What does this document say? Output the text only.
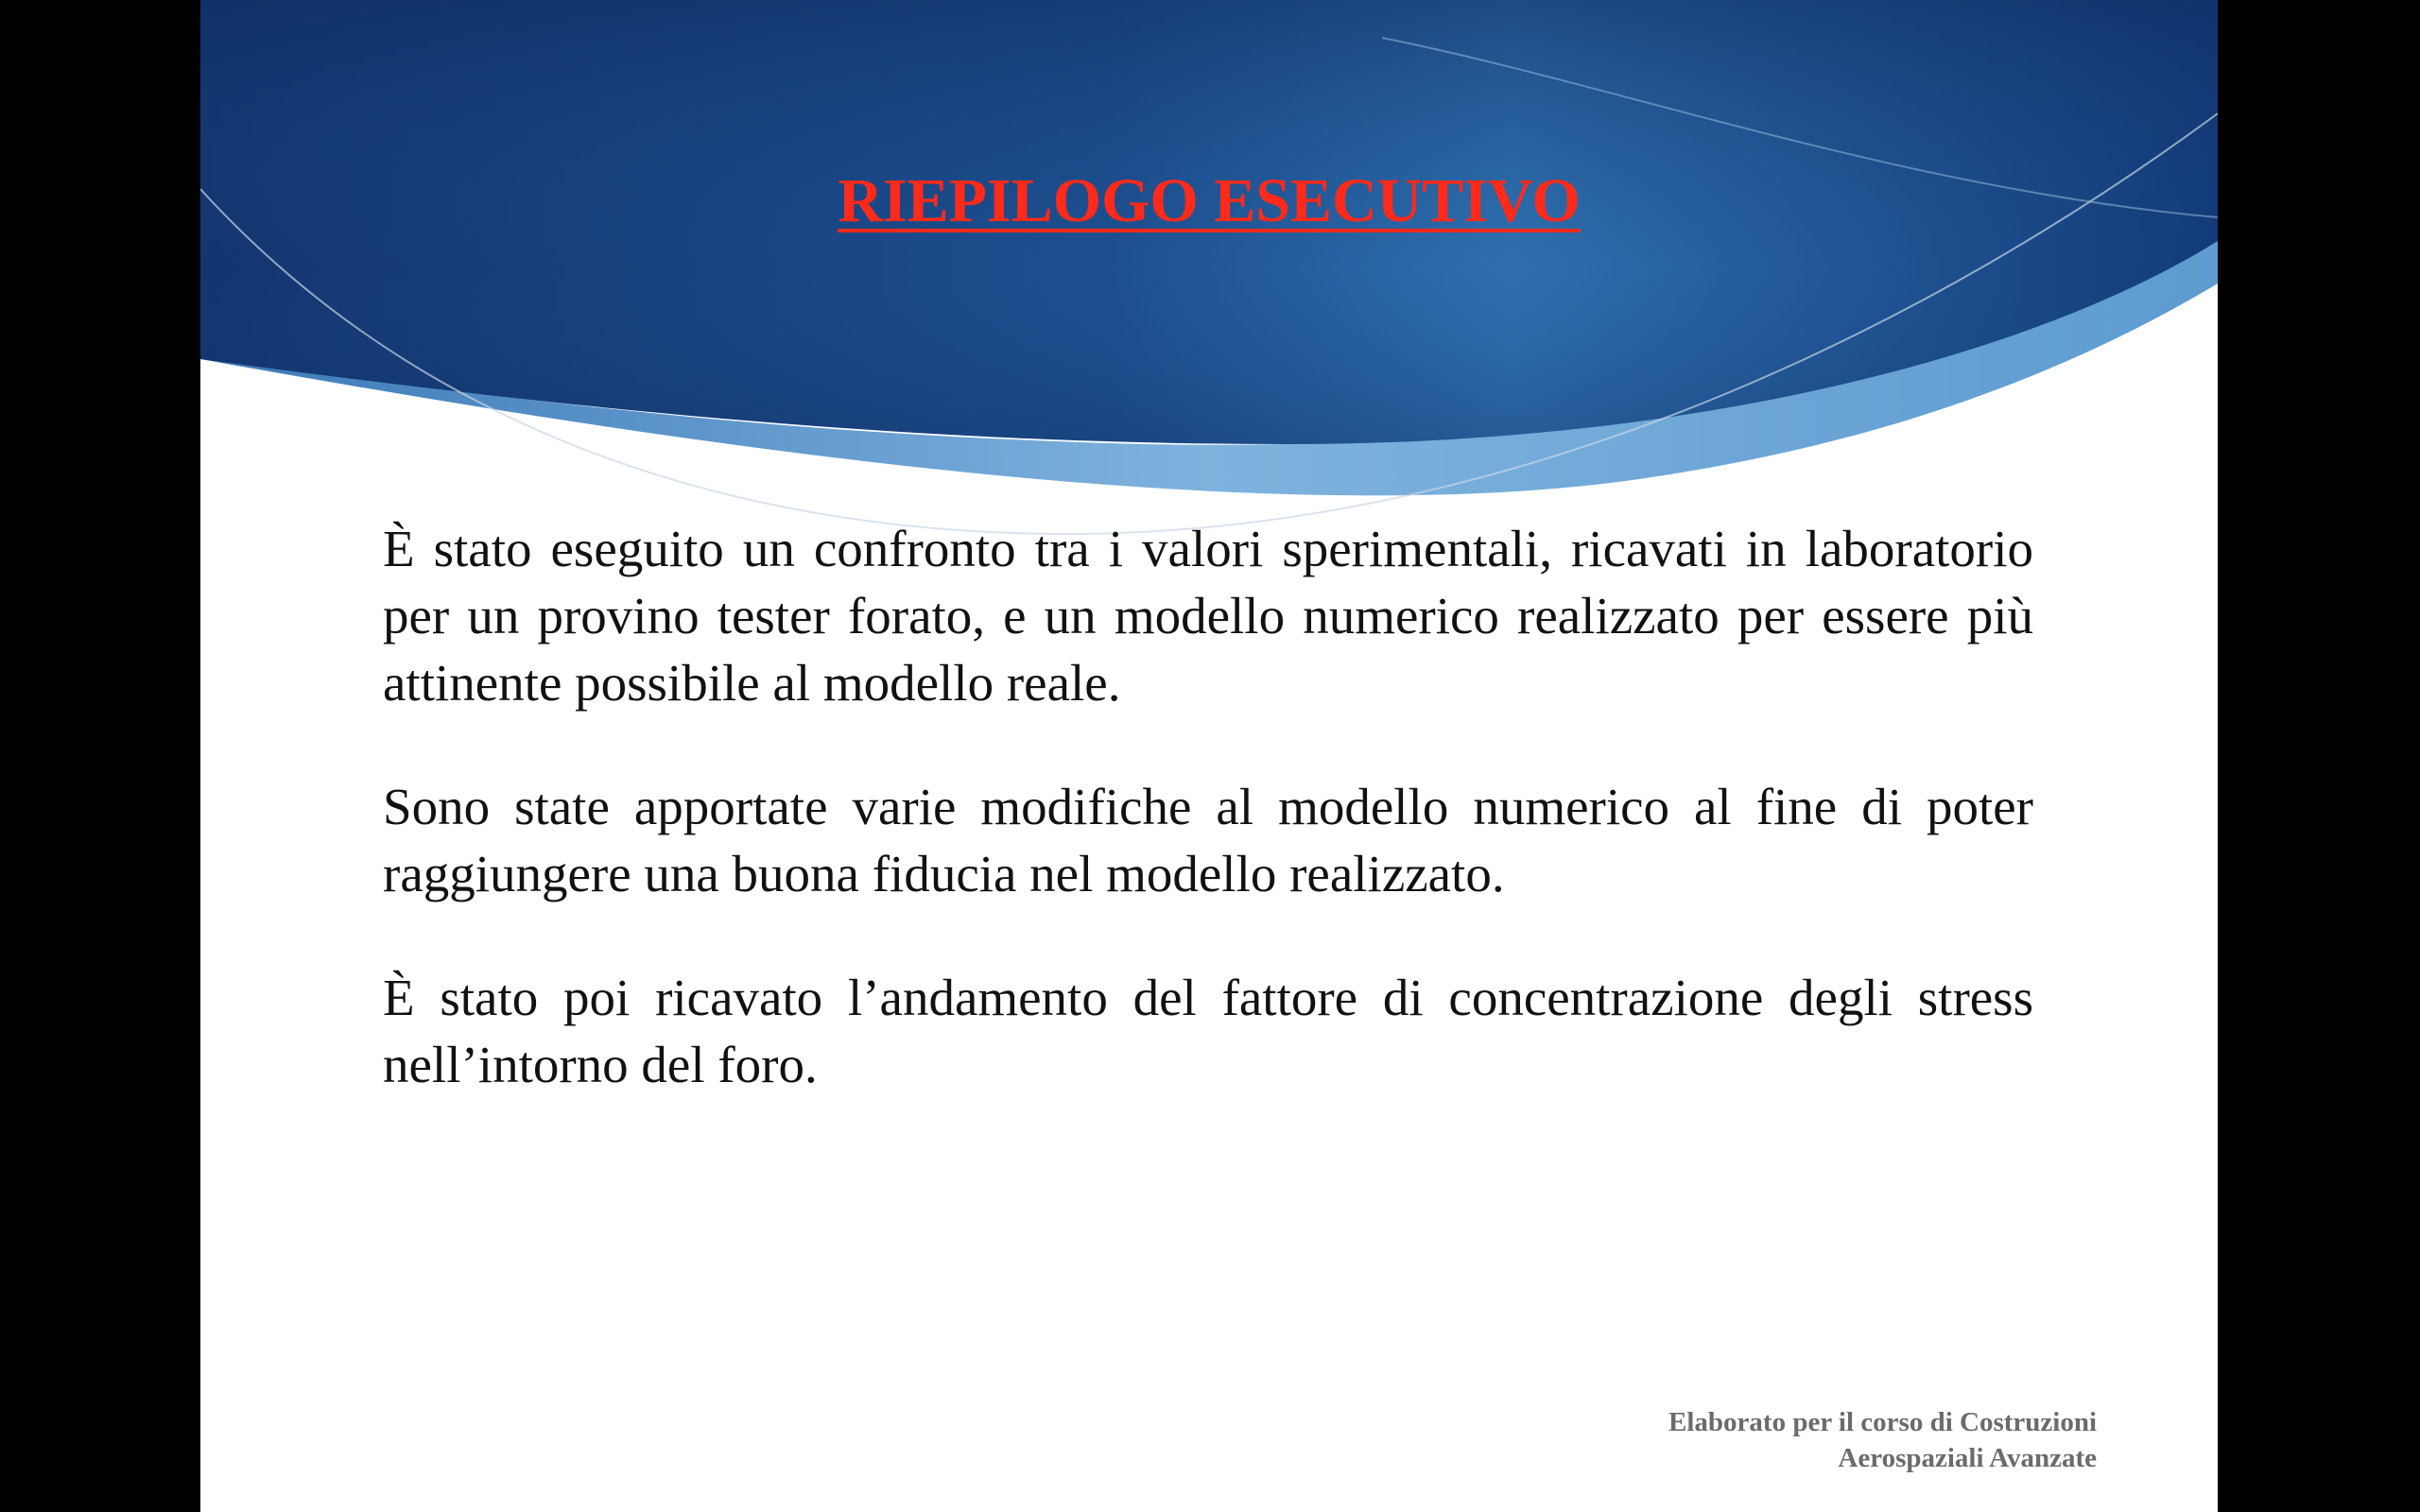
RIEPILOGO ESECUTIVO

È stato eseguito un confronto tra i valori sperimentali, ricavati in laboratorio per un provino tester forato, e un modello numerico realizzato per essere più attinente possibile al modello reale.

Sono state apportate varie modifiche al modello numerico al fine di poter raggiungere una buona fiducia nel modello realizzato.

È stato poi ricavato l’andamento del fattore di concentrazione degli stress nell’intorno del foro.

Elaborato per il corso di Costruzioni
Aerospaziali Avanzate
